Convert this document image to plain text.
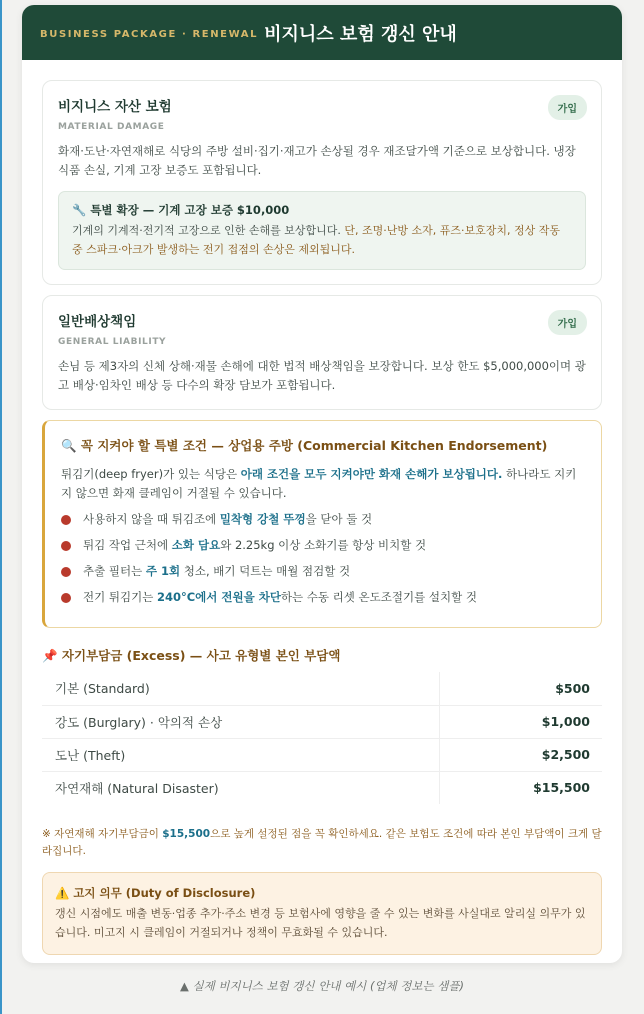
BUSINESS PACKAGE · RENEWAL 비지니스 보험 갱신 안내
비지니스 자산 보험
MATERIAL DAMAGE
가입
화재·도난·자연재해로 식당의 주방 설비·집기·재고가 손상될 경우 재조달가액 기준으로 보상합니다. 냉장 식품 손실, 기계 고장 보증도 포함됩니다.
🔧 특별 확장 — 기계 고장 보증 $10,000
기계의 기계적·전기적 고장으로 인한 손해를 보상합니다. 단, 조명·난방 소자, 퓨즈·보호장치, 정상 작동 중 스파크·아크가 발생하는 전기 접점의 손상은 제외됩니다.
일반배상책임
GENERAL LIABILITY
가입
손님 등 제3자의 신체 상해·재물 손해에 대한 법적 배상책임을 보장합니다. 보상 한도 $5,000,000이며 광고 배상·임차인 배상 등 다수의 확장 담보가 포함됩니다.
🔍 꼭 지켜야 할 특별 조건 — 상업용 주방 (Commercial Kitchen Endorsement)
튀김기(deep fryer)가 있는 식당은 아래 조건을 모두 지켜야만 화재 손해가 보상됩니다. 하나라도 지키지 않으면 화재 클레임이 거절될 수 있습니다.
사용하지 않을 때 튀김조에 밀착형 강철 뚜껑을 닫아 둘 것
튀김 작업 근처에 소화 담요와 2.25kg 이상 소화기를 항상 비치할 것
추출 필터는 주 1회 청소, 배기 덕트는 매월 점검할 것
전기 튀김기는 240°C에서 전원을 차단하는 수동 리셋 온도조절기를 설치할 것
📌 자기부담금 (Excess) — 사고 유형별 본인 부담액
기본 (Standard)	$500
강도 (Burglary) · 악의적 손상	$1,000
도난 (Theft)	$2,500
자연재해 (Natural Disaster)	$15,500
※ 자연재해 자기부담금이 $15,500으로 높게 설정된 점을 꼭 확인하세요. 같은 보험도 조건에 따라 본인 부담액이 크게 달라집니다.
⚠️ 고지 의무 (Duty of Disclosure)
갱신 시점에도 매출 변동·업종 추가·주소 변경 등 보험사에 영향을 줄 수 있는 변화를 사실대로 알리실 의무가 있습니다. 미고지 시 클레임이 거절되거나 정책이 무효화될 수 있습니다.
▲ 실제 비지니스 보험 갱신 안내 예시 (업체 정보는 샘플)
